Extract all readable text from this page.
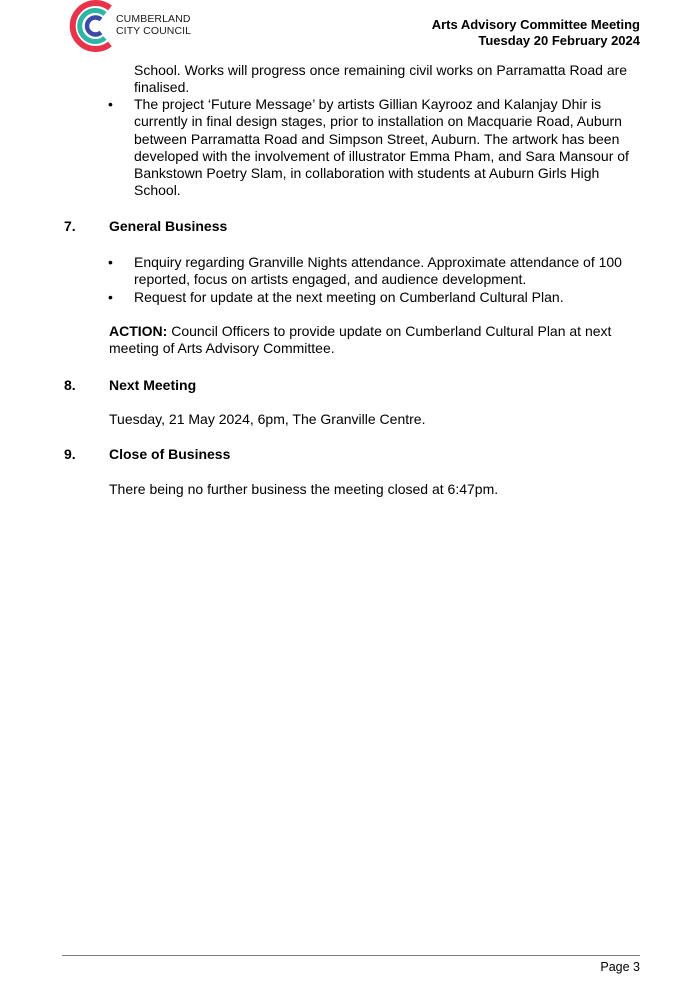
CUMBERLAND
CITY COUNCIL	Arts Advisory Committee Meeting
Tuesday 20 February 2024
School. Works will progress once remaining civil works on Parramatta Road are finalised.
• The project ‘Future Message’ by artists Gillian Kayrooz and Kalanjay Dhir is currently in final design stages, prior to installation on Macquarie Road, Auburn between Parramatta Road and Simpson Street, Auburn. The artwork has been developed with the involvement of illustrator Emma Pham, and Sara Mansour of Bankstown Poetry Slam, in collaboration with students at Auburn Girls High School.
7. General Business
• Enquiry regarding Granville Nights attendance. Approximate attendance of 100 reported, focus on artists engaged, and audience development.
• Request for update at the next meeting on Cumberland Cultural Plan.
ACTION: Council Officers to provide update on Cumberland Cultural Plan at next meeting of Arts Advisory Committee.
8. Next Meeting
Tuesday, 21 May 2024, 6pm, The Granville Centre.
9. Close of Business
There being no further business the meeting closed at 6:47pm.
Page 3
